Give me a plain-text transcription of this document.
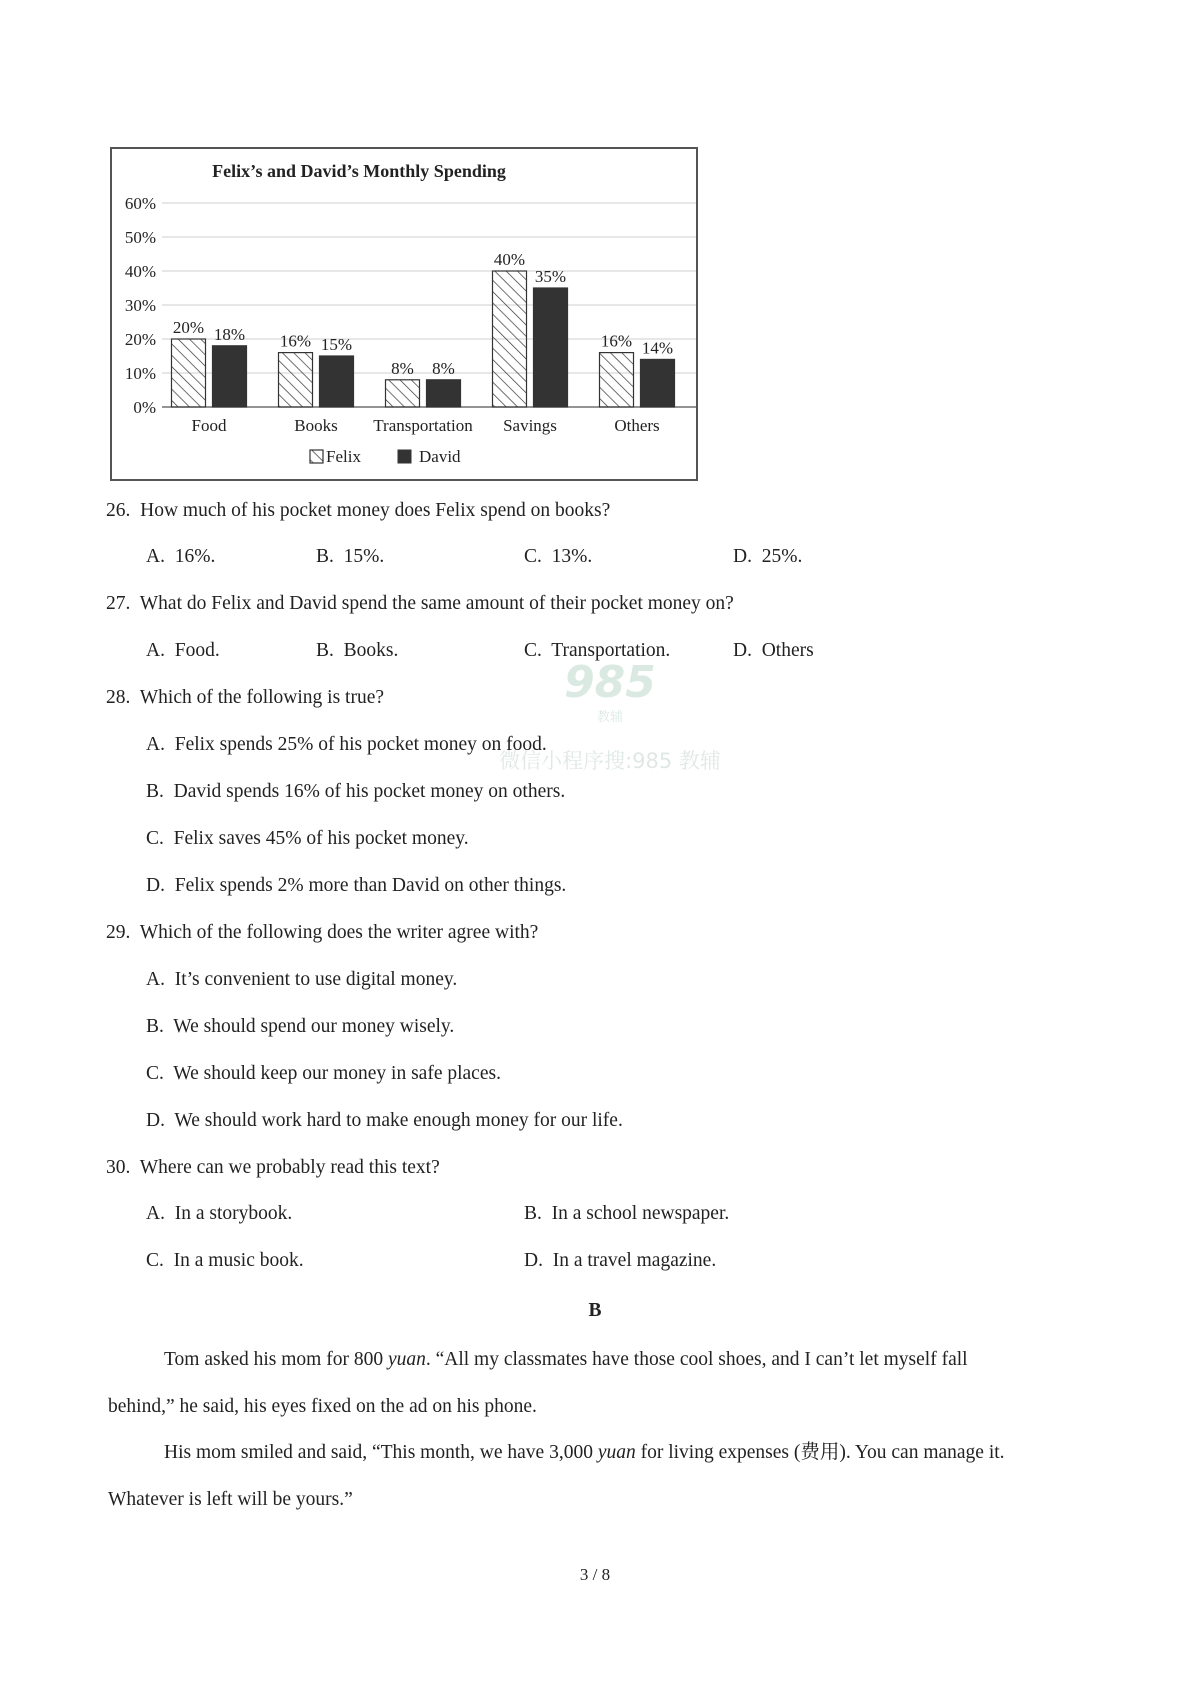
Felix’s and David’s Monthly Spending
0%
10%
20%
30%
40%
50%
60%
20% 18%
Food
16% 15%
Books
8% 8%
Transportation
40%
35%
Savings
16% 14%
Others
Felix	David
26. How much of his pocket money does Felix spend on books?
A. 16%.	B. 15%.	C. 13%.	D. 25%.
27. What do Felix and David spend the same amount of their pocket money on?
A. Food.	B. Books.	C. Transportation.	D. Others
985
教辅
微信小程序搜:985 教辅
28. Which of the following is true?
A. Felix spends 25% of his pocket money on food.
B. David spends 16% of his pocket money on others.
C. Felix saves 45% of his pocket money.
D. Felix spends 2% more than David on other things.
29. Which of the following does the writer agree with?
A. It’s convenient to use digital money.
B. We should spend our money wisely.
C. We should keep our money in safe places.
D. We should work hard to make enough money for our life.
30. Where can we probably read this text?
A. In a storybook.	B. In a school newspaper.
C. In a music book.	D. In a travel magazine.
B
Tom asked his mom for 800 yuan. “All my classmates have those cool shoes, and I can’t let myself fall
behind,” he said, his eyes fixed on the ad on his phone.
His mom smiled and said, “This month, we have 3,000 yuan for living expenses (费用). You can manage it.
Whatever is left will be yours.”
3 / 8
